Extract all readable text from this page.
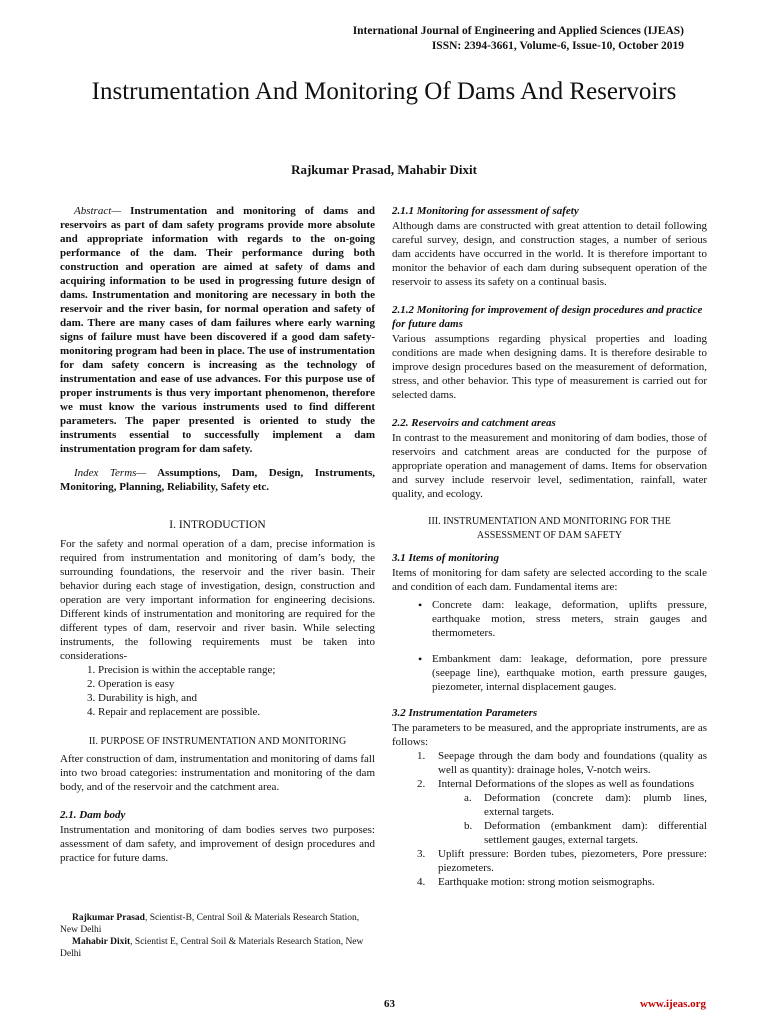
International Journal of Engineering and Applied Sciences (IJEAS)
ISSN: 2394-3661, Volume-6, Issue-10, October 2019
Instrumentation And Monitoring Of Dams And Reservoirs
Rajkumar Prasad, Mahabir Dixit

Abstract— Instrumentation and monitoring of dams and reservoirs as part of dam safety programs provide more absolute and appropriate information with regards to the on-going performance of the dam. Their performance during both construction and operation are aimed at safety of dams and acquiring information to be used in progressing future design of dams. Instrumentation and monitoring are necessary in both the reservoir and the river basin, for normal operation and safety of dam. There are many cases of dam failures where early warning signs of failure must have been discovered if a good dam safety-monitoring program had been in place. The use of instrumentation for dam safety concern is increasing as the technology of instrumentation and ease of use advances. For this purpose use of proper instruments is thus very important phenomenon, therefore we must know the various instruments used to find different parameters. The paper presented is oriented to study the instruments essential to successfully implement a dam instrumentation program for dam safety.

Index Terms— Assumptions, Dam, Design, Instruments, Monitoring, Planning, Reliability, Safety etc.

I. INTRODUCTION

For the safety and normal operation of a dam, precise information is required from instrumentation and monitoring of dam’s body, the surrounding foundations, the reservoir and the river basin. Their behavior during each stage of investigation, design, construction and operation are very important information for engineering decisions. Different kinds of instrumentation and monitoring are required for the different types of dam, reservoir and river basin. While selecting instruments, the following requirements must be taken into considerations-

1. Precision is within the acceptable range;
2. Operation is easy
3. Durability is high, and
4. Repair and replacement are possible.
II. PURPOSE OF INSTRUMENTATION AND MONITORING

After construction of dam, instrumentation and monitoring of dams fall into two broad categories: instrumentation and monitoring of the dam body, and of the reservoir and the catchment area.

2.1. Dam body

Instrumentation and monitoring of dam bodies serves two purposes: assessment of dam safety, and improvement of design procedures and practice for future dams.

Rajkumar Prasad, Scientist-B, Central Soil & Materials Research Station, New Delhi

Mahabir Dixit, Scientist E, Central Soil & Materials Research Station, New Delhi

2.1.1 Monitoring for assessment of safety

Although dams are constructed with great attention to detail following careful survey, design, and construction stages, a number of serious dam accidents have occurred in the world. It is therefore important to monitor the behavior of each dam during subsequent operation of the reservoir to assess its safety on a continual basis.

2.1.2 Monitoring for improvement of design procedures and practice for future dams

Various assumptions regarding physical properties and loading conditions are made when designing dams. It is therefore desirable to improve design procedures based on the measurement of deformation, stress, and other behavior. This type of measurement is carried out for selected dams.

2.2. Reservoirs and catchment areas

In contrast to the measurement and monitoring of dam bodies, those of reservoirs and catchment areas are conducted for the purpose of appropriate operation and management of dams. Items for observation and survey include reservoir level, sedimentation, rainfall, water quality, and ecology.

III. INSTRUMENTATION AND MONITORING FOR THE
ASSESSMENT OF DAM SAFETY
3.1 Items of monitoring

Items of monitoring for dam safety are selected according to the scale and condition of each dam. Fundamental items are:

• Concrete dam: leakage, deformation, uplifts pressure, earthquake motion, stress meters, strain gauges and thermometers.
• Embankment dam: leakage, deformation, pore pressure (seepage line), earthquake motion, earth pressure gauges, piezometer, internal displacement gauges.
3.2 Instrumentation Parameters

The parameters to be measured, and the appropriate instruments, are as follows:

1. Seepage through the dam body and foundations (quality as well as quantity): drainage holes, V-notch weirs.
2. Internal Deformations of the slopes as well as foundations
a. Deformation (concrete dam): plumb lines, external targets.
b. Deformation (embankment dam): differential settlement gauges, external targets.
3. Uplift pressure: Borden tubes, piezometers, Pore pressure: piezometers.
4. Earthquake motion: strong motion seismographs.
63	www.ijeas.org
